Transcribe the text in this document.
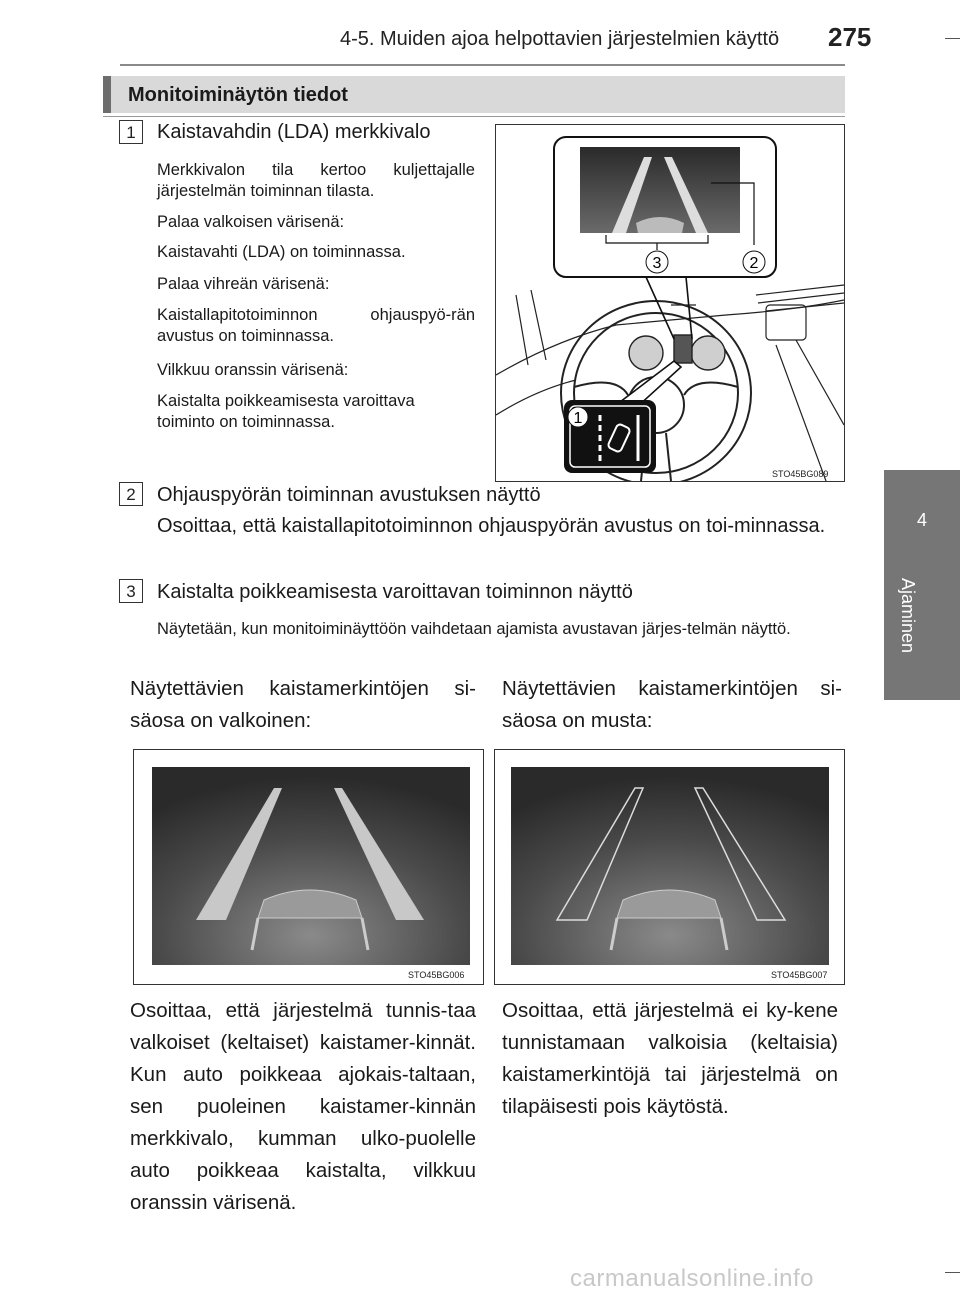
4-5. Muiden ajoa helpottavien järjestelmien käyttö 275
4
Ajaminen
Monitoiminäytön tiedot
1	Kaistavahdin (LDA) merkkivalo
Merkkivalon tila kertoo kuljettajalle järjestelmän toiminnan tilasta.
Palaa valkoisen värisenä:
Kaistavahti (LDA) on toiminnassa.
Palaa vihreän värisenä:
Kaistallapitotoiminnon ohjauspyö-rän avustus on toiminnassa.
Vilkkuu oranssin värisenä:
Kaistalta poikkeamisesta varoittava toiminto on toiminnassa.
3	2
1
STO45BG089
2	Ohjauspyörän toiminnan avustuksen näyttö
Osoittaa, että kaistallapitotoiminnon ohjauspyörän avustus on toi-minnassa.
3	Kaistalta poikkeamisesta varoittavan toiminnon näyttö
Näytetään, kun monitoiminäyttöön vaihdetaan ajamista avustavan järjes-telmän näyttö.
Näytettävien kaistamerkintöjen si-säosa on valkoinen:
Näytettävien kaistamerkintöjen si-säosa on musta:
STO45BG006	STO45BG007
Osoittaa, että järjestelmä tunnis-taa valkoiset (keltaiset) kaistamer-kinnät. Kun auto poikkeaa ajokais-taltaan, sen puoleinen kaistamer-kinnän merkkivalo, kumman ulko-puolelle auto poikkeaa kaistalta, vilkkuu oranssin värisenä.
Osoittaa, että järjestelmä ei ky-kene tunnistamaan valkoisia (keltaisia) kaistamerkintöjä tai järjestelmä on tilapäisesti pois käytöstä.
carmanualsonline.info
